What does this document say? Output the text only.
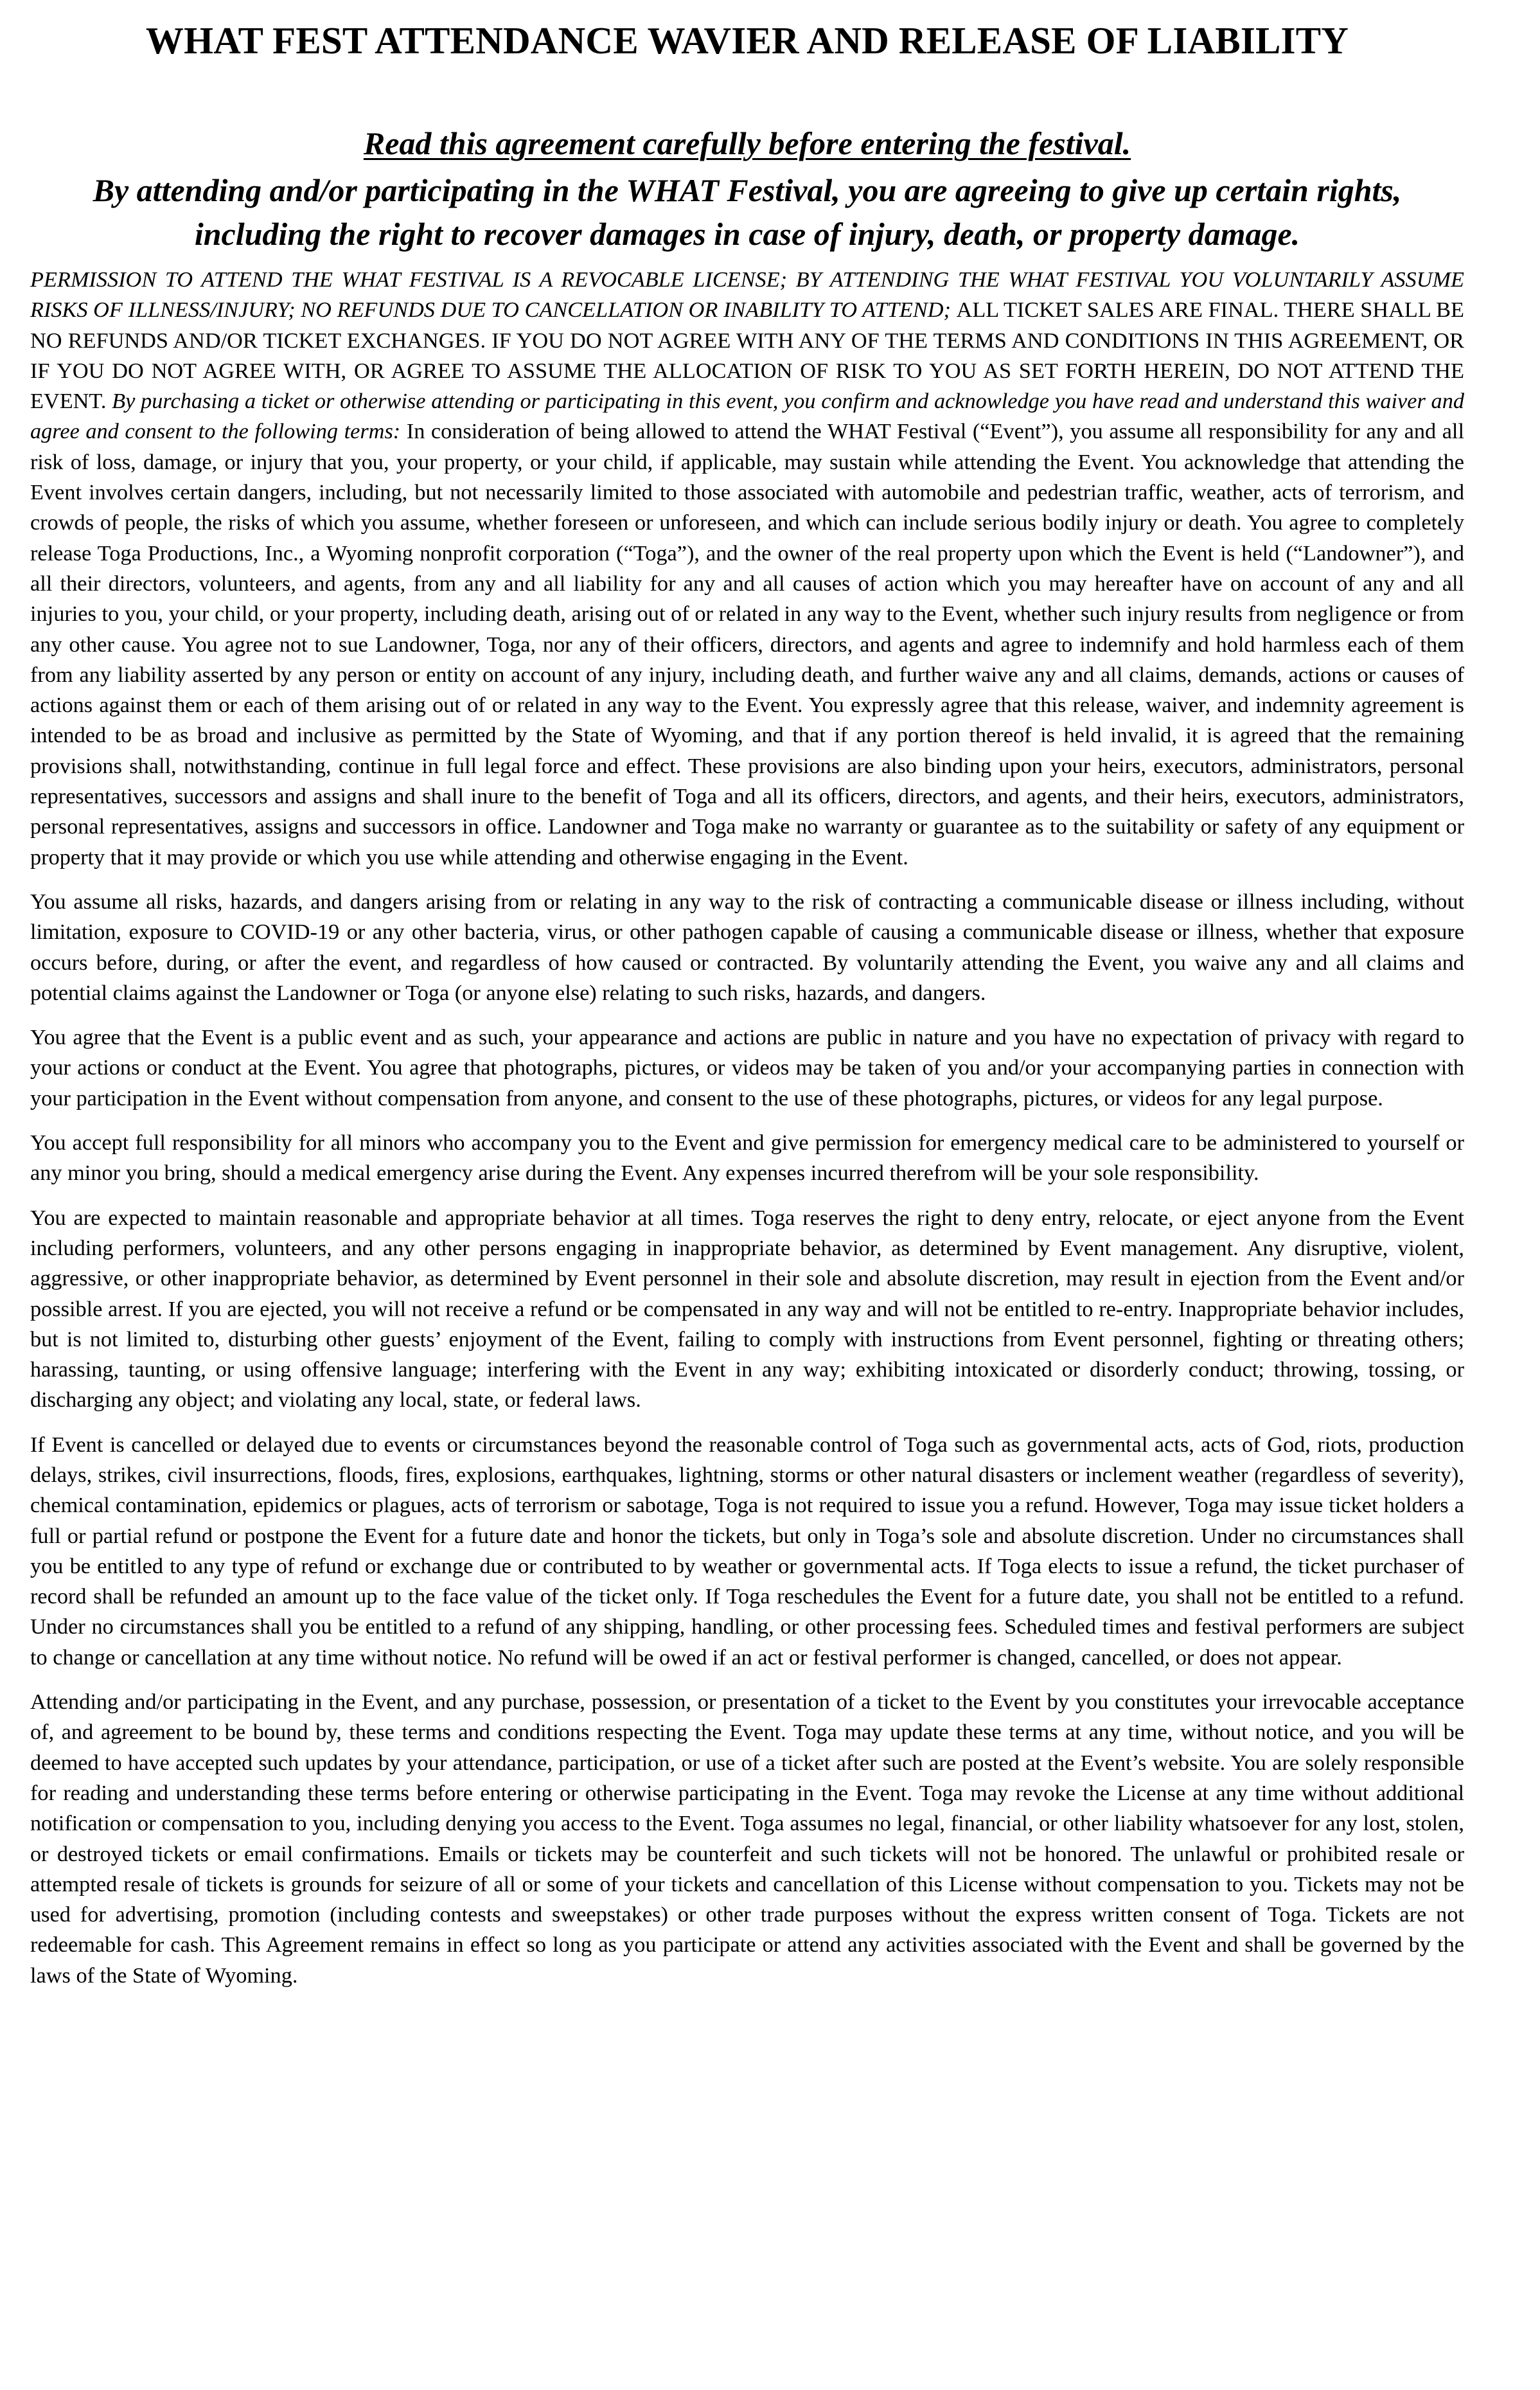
WHAT FEST ATTENDANCE WAVIER AND RELEASE OF LIABILITY
Read this agreement carefully before entering the festival.
By attending and/or participating in the WHAT Festival, you are agreeing to give up certain rights, including the right to recover damages in case of injury, death, or property damage.

PERMISSION TO ATTEND THE WHAT FESTIVAL IS A REVOCABLE LICENSE; BY ATTENDING THE WHAT FESTIVAL YOU VOLUNTARILY ASSUME RISKS OF ILLNESS/INJURY; NO REFUNDS DUE TO CANCELLATION OR INABILITY TO ATTEND; ALL TICKET SALES ARE FINAL. THERE SHALL BE NO REFUNDS AND/OR TICKET EXCHANGES. IF YOU DO NOT AGREE WITH ANY OF THE TERMS AND CONDITIONS IN THIS AGREEMENT, OR IF YOU DO NOT AGREE WITH, OR AGREE TO ASSUME THE ALLOCATION OF RISK TO YOU AS SET FORTH HEREIN, DO NOT ATTEND THE EVENT. By purchasing a ticket or otherwise attending or participating in this event, you confirm and acknowledge you have read and understand this waiver and agree and consent to the following terms: In consideration of being allowed to attend the WHAT Festival (“Event”), you assume all responsibility for any and all risk of loss, damage, or injury that you, your property, or your child, if applicable, may sustain while attending the Event. You acknowledge that attending the Event involves certain dangers, including, but not necessarily limited to those associated with automobile and pedestrian traffic, weather, acts of terrorism, and crowds of people, the risks of which you assume, whether foreseen or unforeseen, and which can include serious bodily injury or death. You agree to completely release Toga Productions, Inc., a Wyoming nonprofit corporation (“Toga”), and the owner of the real property upon which the Event is held (“Landowner”), and all their directors, volunteers, and agents, from any and all liability for any and all causes of action which you may hereafter have on account of any and all injuries to you, your child, or your property, including death, arising out of or related in any way to the Event, whether such injury results from negligence or from any other cause. You agree not to sue Landowner, Toga, nor any of their officers, directors, and agents and agree to indemnify and hold harmless each of them from any liability asserted by any person or entity on account of any injury, including death, and further waive any and all claims, demands, actions or causes of actions against them or each of them arising out of or related in any way to the Event. You expressly agree that this release, waiver, and indemnity agreement is intended to be as broad and inclusive as permitted by the State of Wyoming, and that if any portion thereof is held invalid, it is agreed that the remaining provisions shall, notwithstanding, continue in full legal force and effect. These provisions are also binding upon your heirs, executors, administrators, personal representatives, successors and assigns and shall inure to the benefit of Toga and all its officers, directors, and agents, and their heirs, executors, administrators, personal representatives, assigns and successors in office. Landowner and Toga make no warranty or guarantee as to the suitability or safety of any equipment or property that it may provide or which you use while attending and otherwise engaging in the Event.

You assume all risks, hazards, and dangers arising from or relating in any way to the risk of contracting a communicable disease or illness including, without limitation, exposure to COVID-19 or any other bacteria, virus, or other pathogen capable of causing a communicable disease or illness, whether that exposure occurs before, during, or after the event, and regardless of how caused or contracted. By voluntarily attending the Event, you waive any and all claims and potential claims against the Landowner or Toga (or anyone else) relating to such risks, hazards, and dangers.

You agree that the Event is a public event and as such, your appearance and actions are public in nature and you have no expectation of privacy with regard to your actions or conduct at the Event. You agree that photographs, pictures, or videos may be taken of you and/or your accompanying parties in connection with your participation in the Event without compensation from anyone, and consent to the use of these photographs, pictures, or videos for any legal purpose.

You accept full responsibility for all minors who accompany you to the Event and give permission for emergency medical care to be administered to yourself or any minor you bring, should a medical emergency arise during the Event. Any expenses incurred therefrom will be your sole responsibility.

You are expected to maintain reasonable and appropriate behavior at all times. Toga reserves the right to deny entry, relocate, or eject anyone from the Event including performers, volunteers, and any other persons engaging in inappropriate behavior, as determined by Event management. Any disruptive, violent, aggressive, or other inappropriate behavior, as determined by Event personnel in their sole and absolute discretion, may result in ejection from the Event and/or possible arrest. If you are ejected, you will not receive a refund or be compensated in any way and will not be entitled to re-entry. Inappropriate behavior includes, but is not limited to, disturbing other guests’ enjoyment of the Event, failing to comply with instructions from Event personnel, fighting or threating others; harassing, taunting, or using offensive language; interfering with the Event in any way; exhibiting intoxicated or disorderly conduct; throwing, tossing, or discharging any object; and violating any local, state, or federal laws.

If Event is cancelled or delayed due to events or circumstances beyond the reasonable control of Toga such as governmental acts, acts of God, riots, production delays, strikes, civil insurrections, floods, fires, explosions, earthquakes, lightning, storms or other natural disasters or inclement weather (regardless of severity), chemical contamination, epidemics or plagues, acts of terrorism or sabotage, Toga is not required to issue you a refund. However, Toga may issue ticket holders a full or partial refund or postpone the Event for a future date and honor the tickets, but only in Toga’s sole and absolute discretion. Under no circumstances shall you be entitled to any type of refund or exchange due or contributed to by weather or governmental acts. If Toga elects to issue a refund, the ticket purchaser of record shall be refunded an amount up to the face value of the ticket only. If Toga reschedules the Event for a future date, you shall not be entitled to a refund. Under no circumstances shall you be entitled to a refund of any shipping, handling, or other processing fees. Scheduled times and festival performers are subject to change or cancellation at any time without notice. No refund will be owed if an act or festival performer is changed, cancelled, or does not appear.

Attending and/or participating in the Event, and any purchase, possession, or presentation of a ticket to the Event by you constitutes your irrevocable acceptance of, and agreement to be bound by, these terms and conditions respecting the Event. Toga may update these terms at any time, without notice, and you will be deemed to have accepted such updates by your attendance, participation, or use of a ticket after such are posted at the Event’s website. You are solely responsible for reading and understanding these terms before entering or otherwise participating in the Event. Toga may revoke the License at any time without additional notification or compensation to you, including denying you access to the Event. Toga assumes no legal, financial, or other liability whatsoever for any lost, stolen, or destroyed tickets or email confirmations. Emails or tickets may be counterfeit and such tickets will not be honored. The unlawful or prohibited resale or attempted resale of tickets is grounds for seizure of all or some of your tickets and cancellation of this License without compensation to you. Tickets may not be used for advertising, promotion (including contests and sweepstakes) or other trade purposes without the express written consent of Toga. Tickets are not redeemable for cash. This Agreement remains in effect so long as you participate or attend any activities associated with the Event and shall be governed by the laws of the State of Wyoming.
